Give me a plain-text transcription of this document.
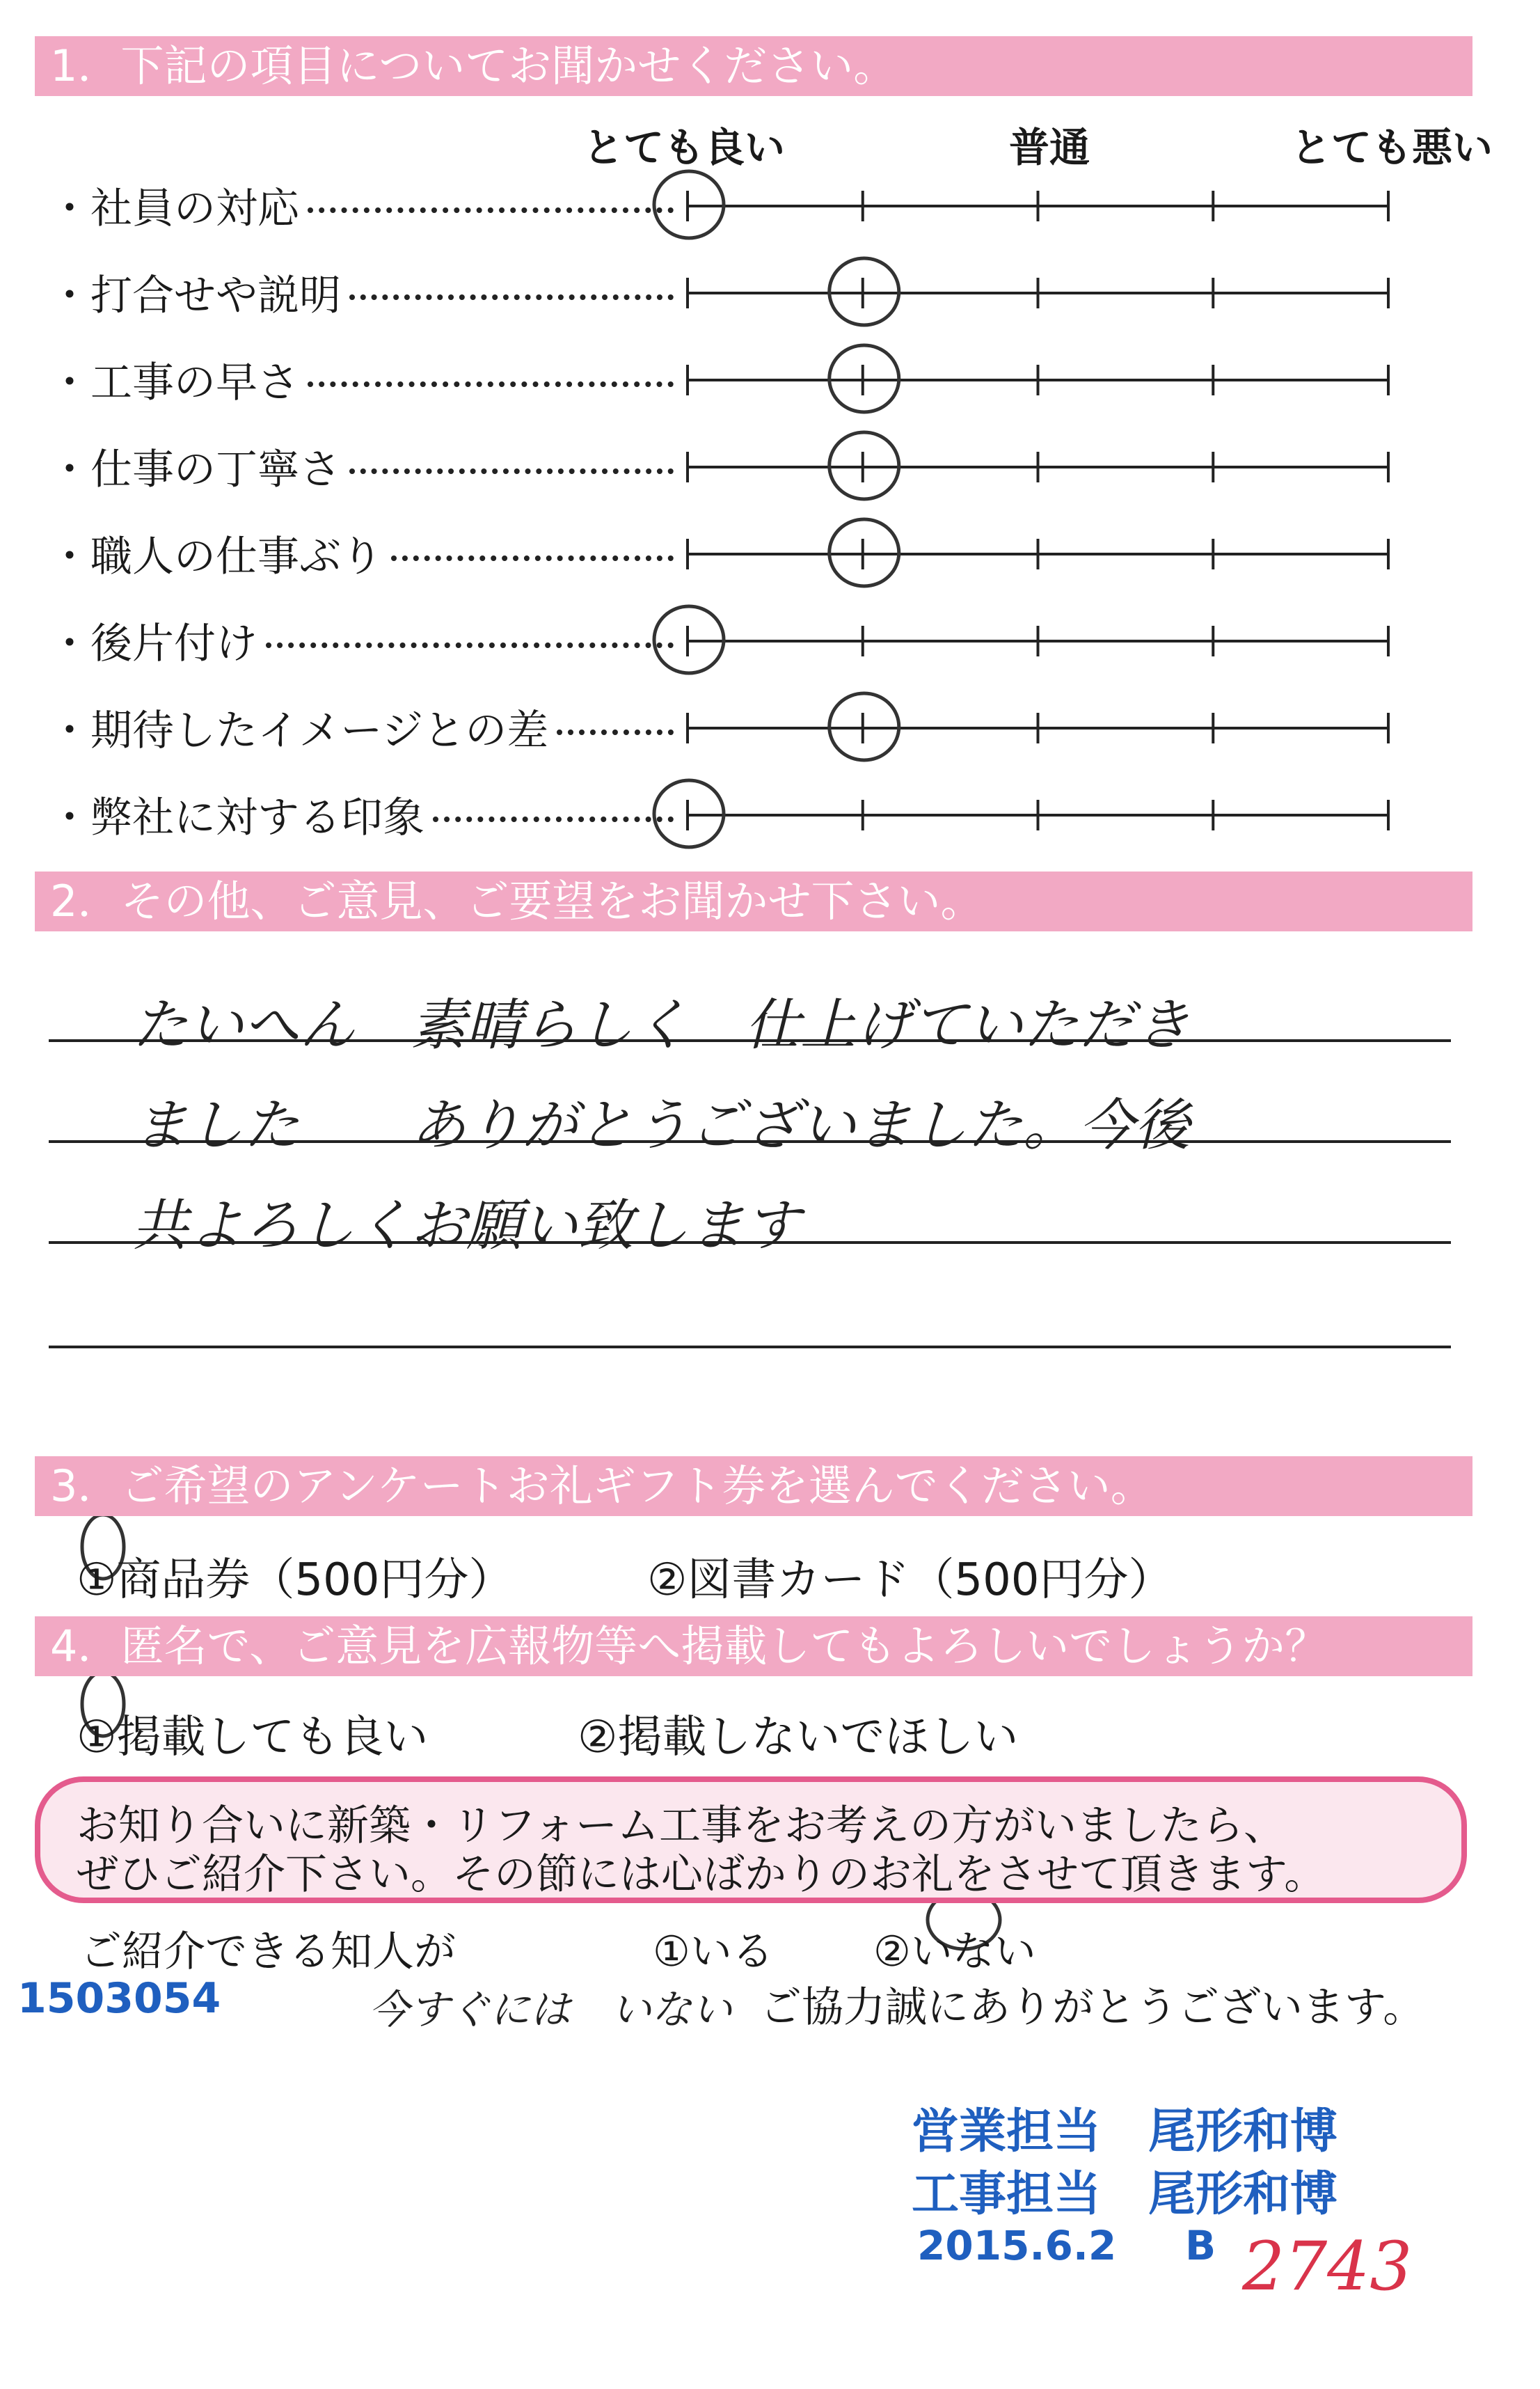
1．下記の項目についてお聞かせください。
とても良い	普通	とても悪い
・社員の対応
・打合せや説明
・工事の早さ
・仕事の丁寧さ
・職人の仕事ぶり
・後片付け
・期待したイメージとの差
・弊社に対する印象
2．その他、ご意見、ご要望をお聞かせ下さい。
たいへん　素晴らしく　仕上げていただき
ました　　ありがとうございました。今後
共よろしくお願い致します
3．ご希望のアンケートお礼ギフト券を選んでください。
①商品券（500円分）	②図書カード（500円分）
4．匿名で、ご意見を広報物等へ掲載してもよろしいでしょうか？
①掲載しても良い	②掲載しないでほしい
お知り合いに新築・リフォーム工事をお考えの方がいましたら、
ぜひご紹介下さい。その節には心ばかりのお礼をさせて頂きます。
ご紹介できる知人が	①いる ②いない
今すぐには　いない ご協力誠にありがとうございます。
1503054
営業担当 尾形和博
工事担当 尾形和博
2015.6.2 B 2743
